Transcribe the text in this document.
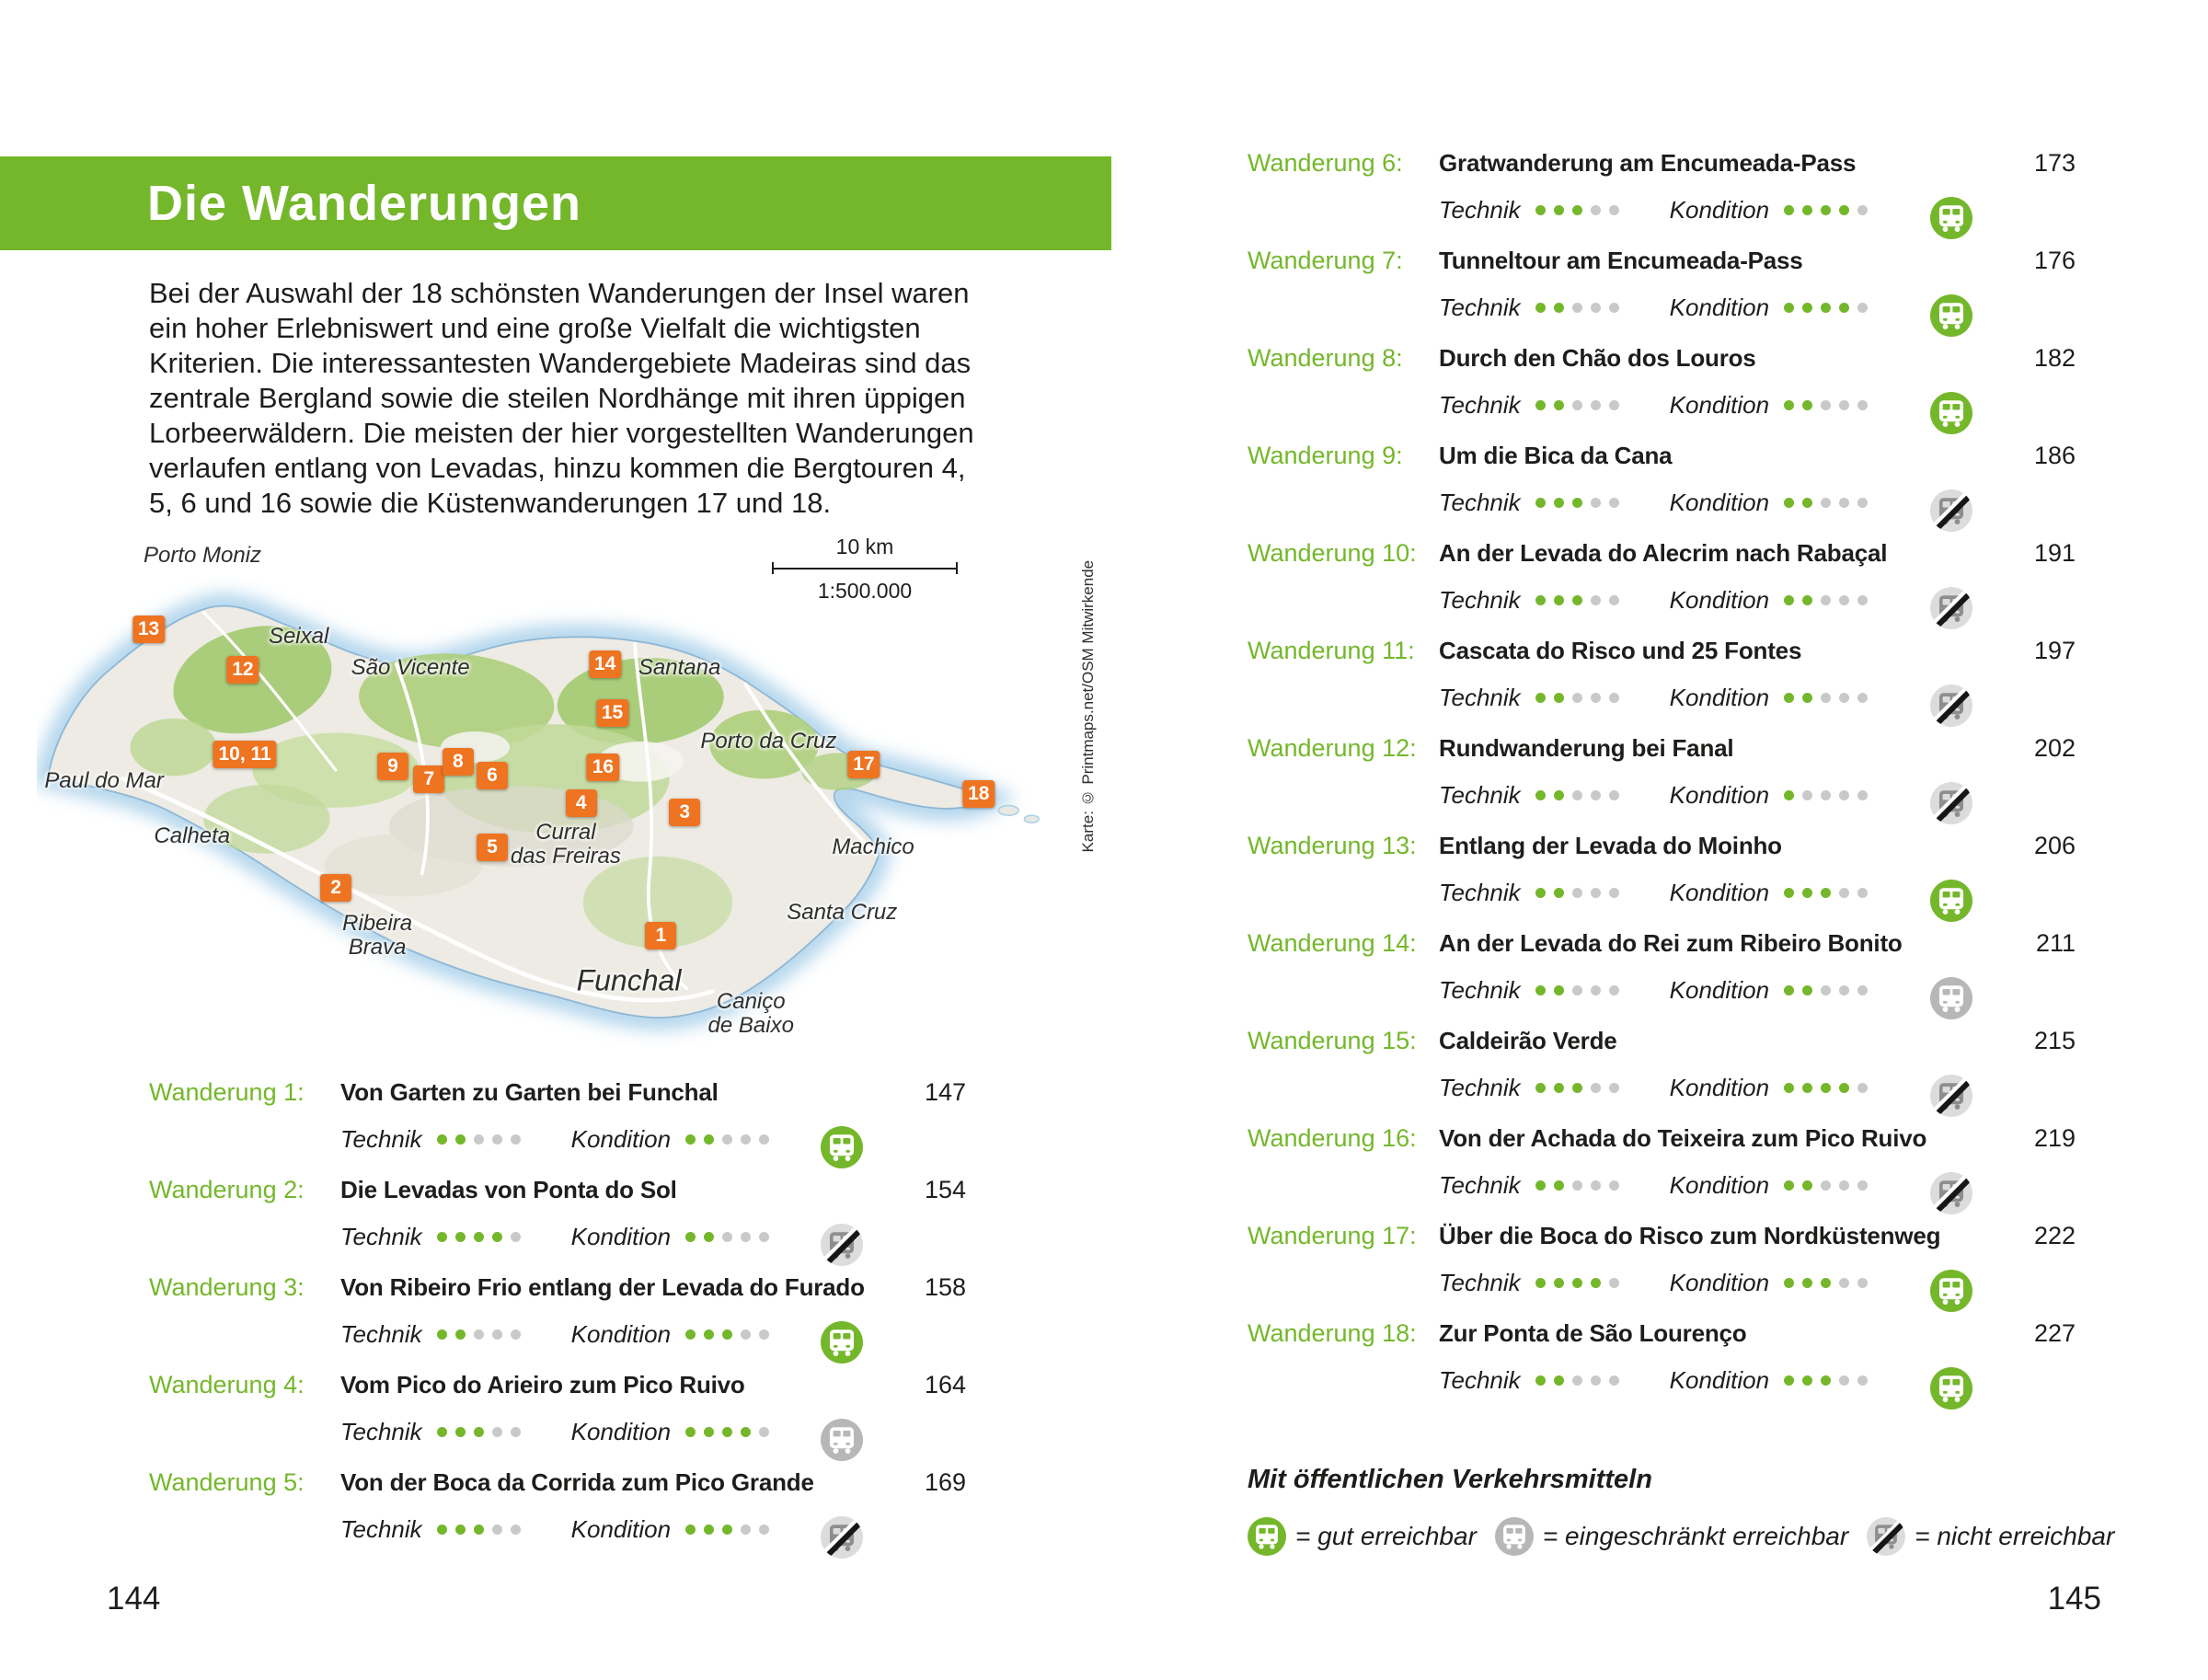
Die Wanderungen

Bei der Auswahl der 18 schönsten Wanderungen der Insel waren ein hoher Erlebniswert und eine große Vielfalt die wichtigsten Kriterien. Die interessantesten Wandergebiete Madeiras sind das zentrale Bergland sowie die steilen Nordhänge mit ihren üppigen Lorbeerwäldern. Die meisten der hier vorgestellten Wanderungen verlaufen entlang von Levadas, hinzu kommen die Bergtouren 4, 5, 6 und 16 sowie die Küstenwanderungen 17 und 18.

Porto Moniz
Seixal
São Vicente	Santana
Porto da Cruz
Paul do Mar
Calheta	Curral
das Freiras	Machico
Ribeira
Brava
Santa Cruz
Funchal
Caniço
de Baixo
1
2
3
4
5
6
7
8
9
10, 11
12
13
14
15
16	17
18
10 km
1:500.000	Karte: © Printmaps.net/OSM Mitwirkende
Wanderung 1:	Von Garten zu Garten bei Funchal	147
Technik	Kondition
Wanderung 2:	Die Levadas von Ponta do Sol	154
Technik	Kondition
Wanderung 3:	Von Ribeiro Frio entlang der Levada do Furado	158
Technik	Kondition
Wanderung 4:	Vom Pico do Arieiro zum Pico Ruivo	164
Technik	Kondition
Wanderung 5:	Von der Boca da Corrida zum Pico Grande	169
Technik	Kondition
144
Wanderung 6:	Gratwanderung am Encumeada-Pass	173
Technik	Kondition
Wanderung 7:	Tunneltour am Encumeada-Pass	176
Technik	Kondition
Wanderung 8:	Durch den Chão dos Louros	182
Technik	Kondition
Wanderung 9:	Um die Bica da Cana	186
Technik	Kondition
Wanderung 10: An der Levada do Alecrim nach Rabaçal	191
Technik	Kondition
Wanderung 11:	Cascata do Risco und 25 Fontes	197
Technik	Kondition
Wanderung 12: Rundwanderung bei Fanal	202
Technik	Kondition
Wanderung 13: Entlang der Levada do Moinho	206
Technik	Kondition
Wanderung 14: An der Levada do Rei zum Ribeiro Bonito	211
Technik	Kondition
Wanderung 15: Caldeirão Verde	215
Technik	Kondition
Wanderung 16: Von der Achada do Teixeira zum Pico Ruivo	219
Technik	Kondition
Wanderung 17: Über die Boca do Risco zum Nordküstenweg	222
Technik	Kondition
Wanderung 18: Zur Ponta de São Lourenço	227
Technik	Kondition
Mit öffentlichen Verkehrsmitteln
= gut erreichbar	= eingeschränkt erreichbar	= nicht erreichbar
145
